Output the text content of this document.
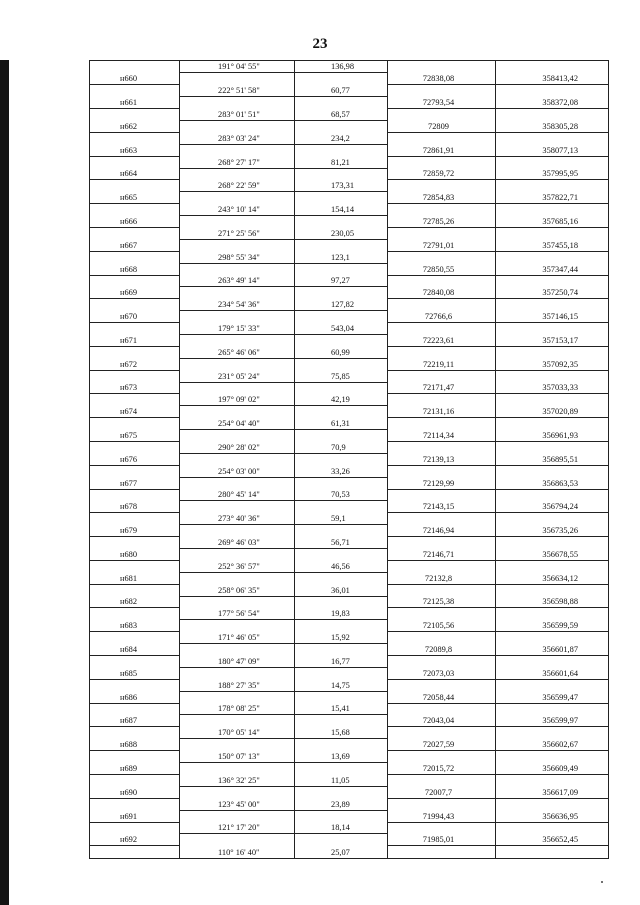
23

	191° 04' 55"	136,98		

н660			72838,08	358413,42

	222° 51' 58"	60,77		

н661			72793,54	358372,08

	283° 01' 51"	68,57		

н662			72809	358305,28

	283° 03' 24"	234,2		

н663			72861,91	358077,13

	268° 27' 17"	81,21		

н664			72859,72	357995,95

	268° 22' 59"	173,31		

н665			72854,83	357822,71

	243° 10' 14"	154,14		

н666			72785,26	357685,16

	271° 25' 56"	230,05		

н667			72791,01	357455,18

	298° 55' 34"	123,1		

н668			72850,55	357347,44

	263° 49' 14"	97,27		

н669			72840,08	357250,74

	234° 54' 36"	127,82		

н670			72766,6	357146,15

	179° 15' 33"	543,04		

н671			72223,61	357153,17

	265° 46' 06"	60,99		

н672			72219,11	357092,35

	231° 05' 24"	75,85		

н673			72171,47	357033,33

	197° 09' 02"	42,19		

н674			72131,16	357020,89

	254° 04' 40"	61,31		

н675			72114,34	356961,93

	290° 28' 02"	70,9		

н676			72139,13	356895,51

	254° 03' 00"	33,26		

н677			72129,99	356863,53

	280° 45' 14"	70,53		

н678			72143,15	356794,24

	273° 40' 36"	59,1		

н679			72146,94	356735,26

	269° 46' 03"	56,71		

н680			72146,71	356678,55

	252° 36' 57"	46,56		

н681			72132,8	356634,12

	258° 06' 35"	36,01		

н682			72125,38	356598,88

	177° 56' 54"	19,83		

н683			72105,56	356599,59

	171° 46' 05"	15,92		

н684			72089,8	356601,87

	180° 47' 09"	16,77		

н685			72073,03	356601,64

	188° 27' 35"	14,75		

н686			72058,44	356599,47

	178° 08' 25"	15,41		

н687			72043,04	356599,97

	170° 05' 14"	15,68		

н688			72027,59	356602,67

	150° 07' 13"	13,69		

н689			72015,72	356609,49

	136° 32' 25"	11,05		

н690			72007,7	356617,09

	123° 45' 00"	23,89		

н691			71994,43	356636,95

	121° 17' 20"	18,14		

н692			71985,01	356652,45

	110° 16' 40"	25,07		
